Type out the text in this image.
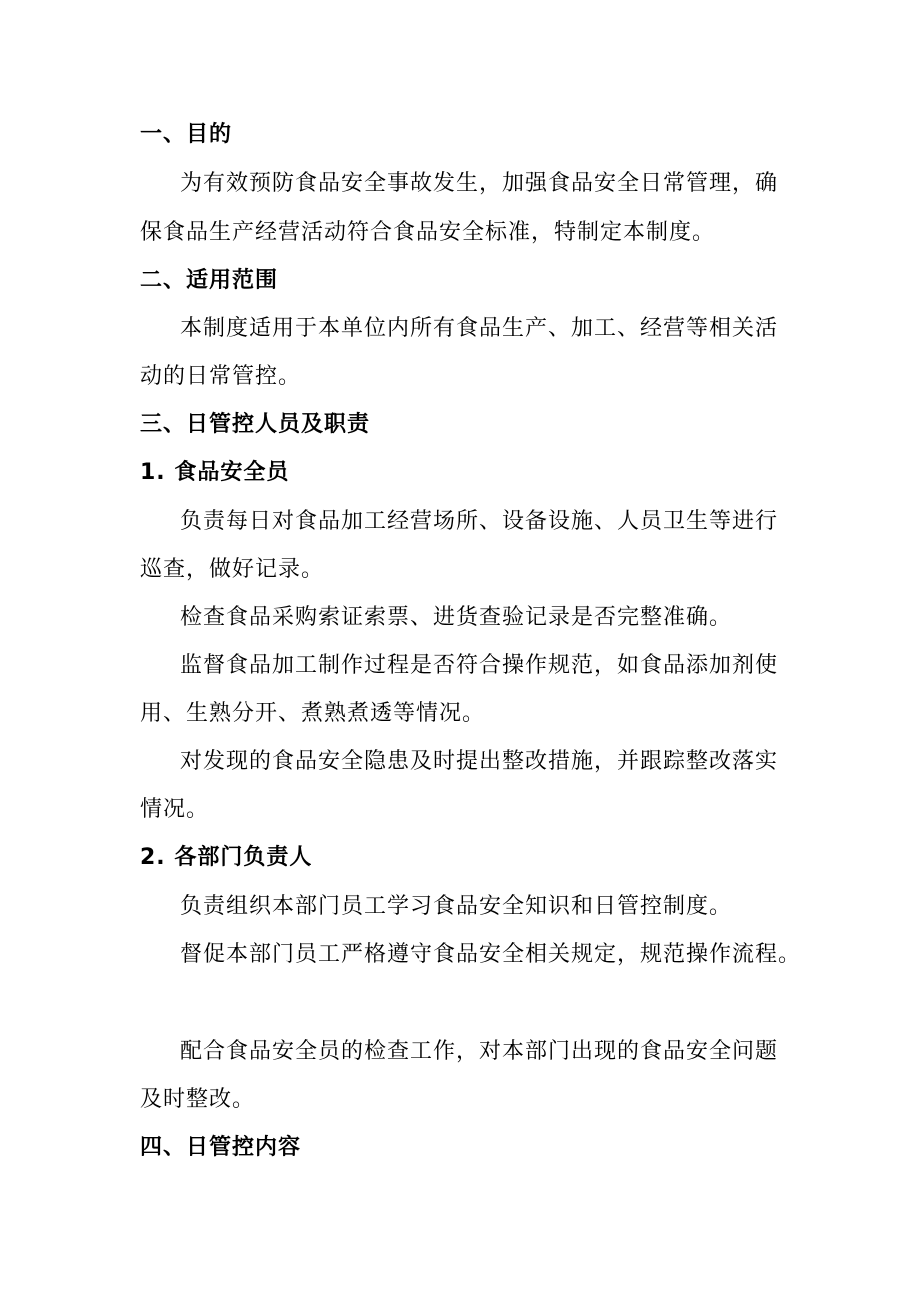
一、目的
为有效预防食品安全事故发生，加强食品安全日常管理，确
保食品生产经营活动符合食品安全标准，特制定本制度。
二、适用范围
本制度适用于本单位内所有食品生产、加工、经营等相关活
动的日常管控。
三、日管控人员及职责
1. 食品安全员
负责每日对食品加工经营场所、设备设施、人员卫生等进行
巡查，做好记录。
检查食品采购索证索票、进货查验记录是否完整准确。
监督食品加工制作过程是否符合操作规范，如食品添加剂使
用、生熟分开、煮熟煮透等情况。
对发现的食品安全隐患及时提出整改措施，并跟踪整改落实
情况。
2. 各部门负责人
负责组织本部门员工学习食品安全知识和日管控制度。
督促本部门员工严格遵守食品安全相关规定，规范操作流程。
配合食品安全员的检查工作，对本部门出现的食品安全问题
及时整改。
四、日管控内容
